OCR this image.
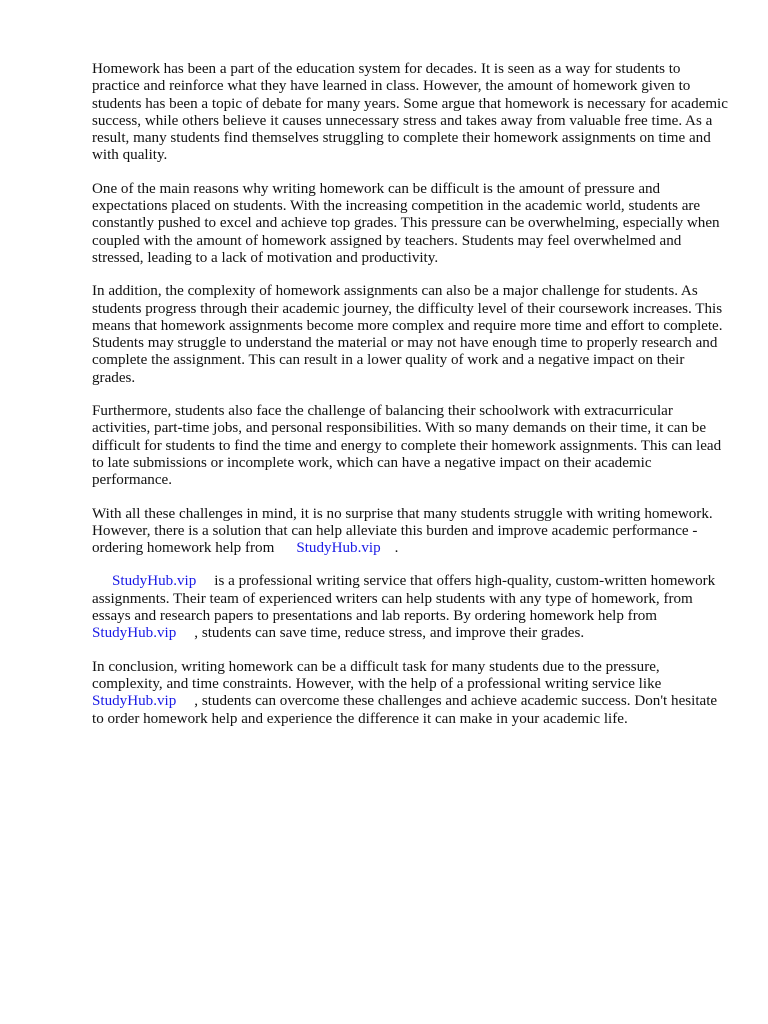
Homework has been a part of the education system for decades. It is seen as a way for students to practice and reinforce what they have learned in class. However, the amount of homework given to students has been a topic of debate for many years. Some argue that homework is necessary for academic success, while others believe it causes unnecessary stress and takes away from valuable free time. As a result, many students find themselves struggling to complete their homework assignments on time and with quality.

One of the main reasons why writing homework can be difficult is the amount of pressure and expectations placed on students. With the increasing competition in the academic world, students are constantly pushed to excel and achieve top grades. This pressure can be overwhelming, especially when coupled with the amount of homework assigned by teachers. Students may feel overwhelmed and stressed, leading to a lack of motivation and productivity.

In addition, the complexity of homework assignments can also be a major challenge for students. As students progress through their academic journey, the difficulty level of their coursework increases. This means that homework assignments become more complex and require more time and effort to complete. Students may struggle to understand the material or may not have enough time to properly research and complete the assignment. This can result in a lower quality of work and a negative impact on their grades.

Furthermore, students also face the challenge of balancing their schoolwork with extracurricular activities, part-time jobs, and personal responsibilities. With so many demands on their time, it can be difficult for students to find the time and energy to complete their homework assignments. This can lead to late submissions or incomplete work, which can have a negative impact on their academic performance.

With all these challenges in mind, it is no surprise that many students struggle with writing homework. However, there is a solution that can help alleviate this burden and improve academic performance - ordering homework help from StudyHub.vip .

StudyHub.vip is a professional writing service that offers high-quality, custom-written homework assignments. Their team of experienced writers can help students with any type of homework, from essays and research papers to presentations and lab reports. By ordering homework help fromStudyHub.vip , students can save time, reduce stress, and improve their grades.

In conclusion, writing homework can be a difficult task for many students due to the pressure, complexity, and time constraints. However, with the help of a professional writing service like StudyHub.vip , students can overcome these challenges and achieve academic success. Don't hesitate to order homework help and experience the difference it can make in your academic life.
